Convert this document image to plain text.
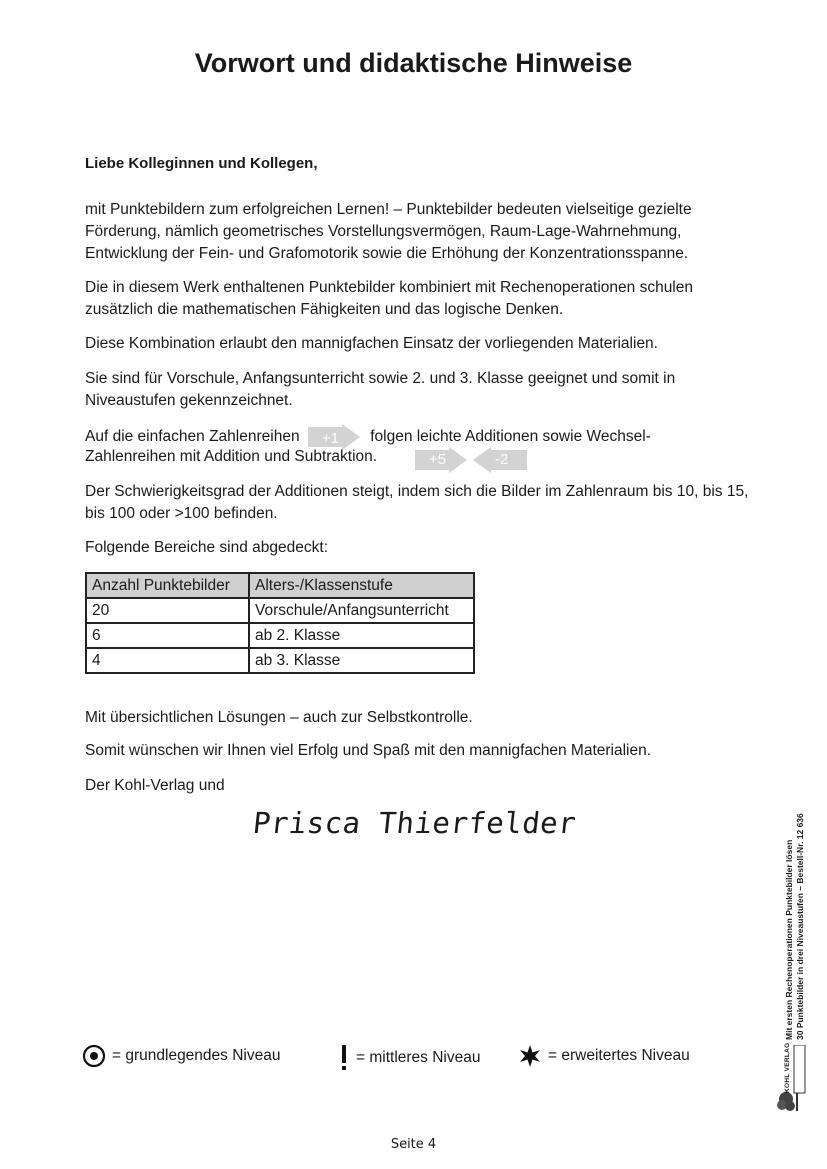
Vorwort und didaktische Hinweise
Liebe Kolleginnen und Kollegen,

mit Punktebildern zum erfolgreichen Lernen! – Punktebilder bedeuten vielseitige gezielte Förderung, nämlich geometrisches Vorstellungsvermögen, Raum-Lage-Wahrnehmung, Entwicklung der Fein- und Grafomotorik sowie die Erhöhung der Konzentrationsspanne.

Die in diesem Werk enthaltenen Punktebilder kombiniert mit Rechenoperationen schulen zusätzlich die mathematischen Fähigkeiten und das logische Denken.

Diese Kombination erlaubt den mannigfachen Einsatz der vorliegenden Materialien.

Sie sind für Vorschule, Anfangsunterricht sowie 2. und 3. Klasse geeignet und somit in Niveaustufen gekennzeichnet.

Auf die einfachen Zahlenreihen +1 folgen leichte Additionen sowie Wechsel-

Zahlenreihen mit Addition und Subtraktion.	+5	-2

Der Schwierigkeitsgrad der Additionen steigt, indem sich die Bilder im Zahlenraum bis 10, bis 15, bis 100 oder >100 befinden.

Folgende Bereiche sind abgedeckt:

Anzahl Punktebilder	Alters-/Klassenstufe
20	Vorschule/Anfangsunterricht
6	ab 2. Klasse
4	ab 3. Klasse

Mit übersichtlichen Lösungen – auch zur Selbstkontrolle.

Somit wünschen wir Ihnen viel Erfolg und Spaß mit den mannigfachen Materialien.

Der Kohl-Verlag und

Prisca Thierfelder
= grundlegendes Niveau	= mittleres Niveau	= erweitertes Niveau
Mit ersten Rechenoperationen Punktebilder lösen 30 Punktebilder in drei Niveaustufen – Bestell-Nr. 12 636
KOHL VERLAG
Seite 4
